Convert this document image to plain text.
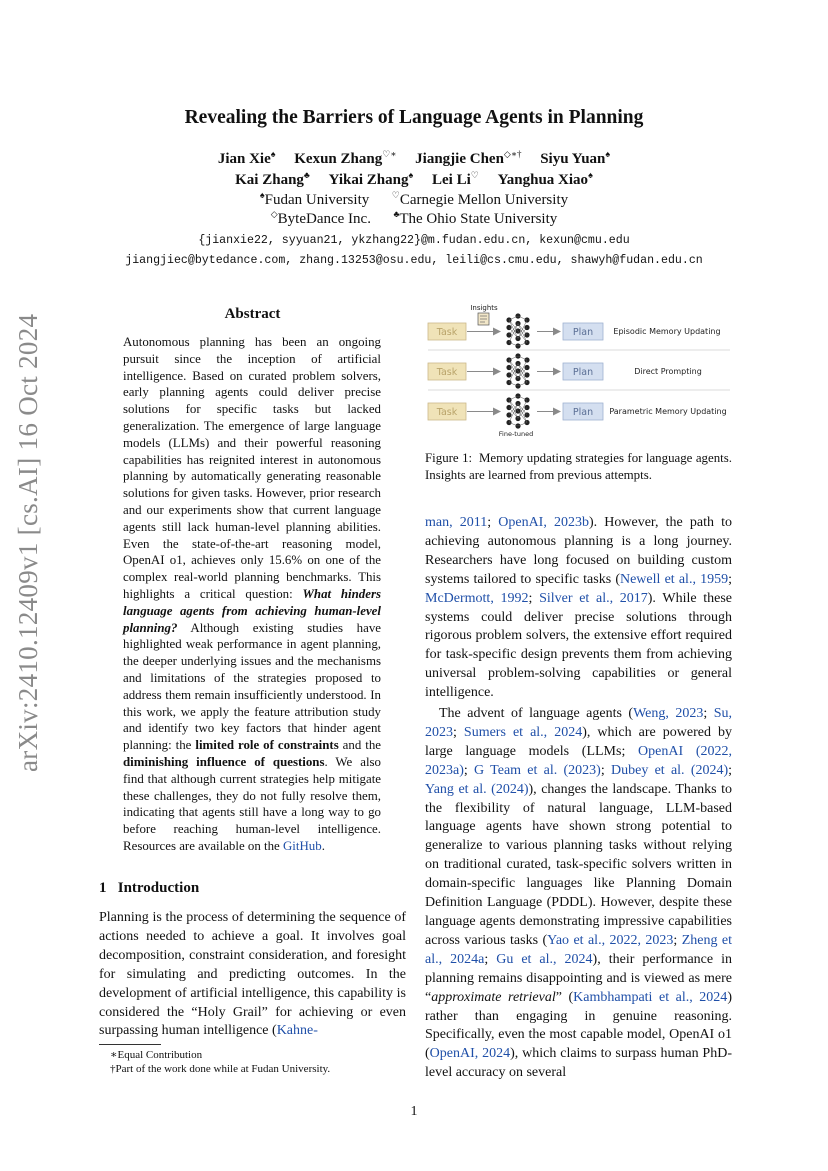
arXiv:2410.12409v1 [cs.AI] 16 Oct 2024
Revealing the Barriers of Language Agents in Planning
Jian Xie♠ Kexun Zhang♡∗ Jiangjie Chen◇∗† Siyu Yuan♠
Kai Zhang♣ Yikai Zhang♠ Lei Li♡ Yanghua Xiao♠
♠Fudan University	♡Carnegie Mellon University
◇ByteDance Inc.	♣The Ohio State University
{jianxie22, syyuan21, ykzhang22}@m.fudan.edu.cn, kexun@cmu.edu
jiangjiec@bytedance.com, zhang.13253@osu.edu, leili@cs.cmu.edu, shawyh@fudan.edu.cn
Abstract
Autonomous planning has been an ongoing pursuit since the inception of artificial intelligence. Based on curated problem solvers, early planning agents could deliver precise solutions for specific tasks but lacked generalization. The emergence of large language models (LLMs) and their powerful reasoning capabilities has reignited interest in autonomous planning by automatically generating reasonable solutions for given tasks. However, prior research and our experiments show that current language agents still lack human-level planning abilities. Even the state-of-the-art reasoning model, OpenAI o1, achieves only 15.6% on one of the complex real-world planning benchmarks. This highlights a critical question: What hinders language agents from achieving human-level planning? Although existing studies have highlighted weak performance in agent planning, the deeper underlying issues and the mechanisms and limitations of the strategies proposed to address them remain insufficiently understood. In this work, we apply the feature attribution study and identify two key factors that hinder agent planning: the limited role of constraints and the diminishing influence of questions. We also find that although current strategies help mitigate these challenges, they do not fully resolve them, indicating that agents still have a long way to go before reaching human-level intelligence. Resources are available on the GitHub.
1   Introduction
Planning is the process of determining the sequence of actions needed to achieve a goal. It involves goal decomposition, constraint consideration, and foresight for simulating and predicting outcomes. In the development of artificial intelligence, this capability is considered the “Holy Grail” for achieving or even surpassing human intelligence (Kahne-
∗Equal Contribution
†Part of the work done while at Fudan University.
Insights
Task	Plan	Episodic Memory Updating
Task	Plan	Direct Prompting
Task	Plan Parametric Memory Updating
Fine-tuned
Figure 1:  Memory updating strategies for language agents. Insights are learned from previous attempts.
man, 2011; OpenAI, 2023b). However, the path to achieving autonomous planning is a long journey. Researchers have long focused on building custom systems tailored to specific tasks (Newell et al., 1959; McDermott, 1992; Silver et al., 2017). While these systems could deliver precise solutions through rigorous problem solvers, the extensive effort required for task-specific design prevents them from achieving universal problem-solving capabilities or general intelligence.
The advent of language agents (Weng, 2023; Su, 2023; Sumers et al., 2024), which are powered by large language models (LLMs; OpenAI (2022, 2023a); G Team et al. (2023); Dubey et al. (2024); Yang et al. (2024)), changes the landscape. Thanks to the flexibility of natural language, LLM-based language agents have shown strong potential to generalize to various planning tasks without relying on traditional curated, task-specific solvers written in domain-specific languages like Planning Domain Definition Language (PDDL). However, despite these language agents demonstrating impressive capabilities across various tasks (Yao et al., 2022, 2023; Zheng et al., 2024a; Gu et al., 2024), their performance in planning remains disappointing and is viewed as mere “approximate retrieval” (Kambhampati et al., 2024) rather than engaging in genuine reasoning. Specifically, even the most capable model, OpenAI o1 (OpenAI, 2024), which claims to surpass human PhD-level accuracy on several
1
